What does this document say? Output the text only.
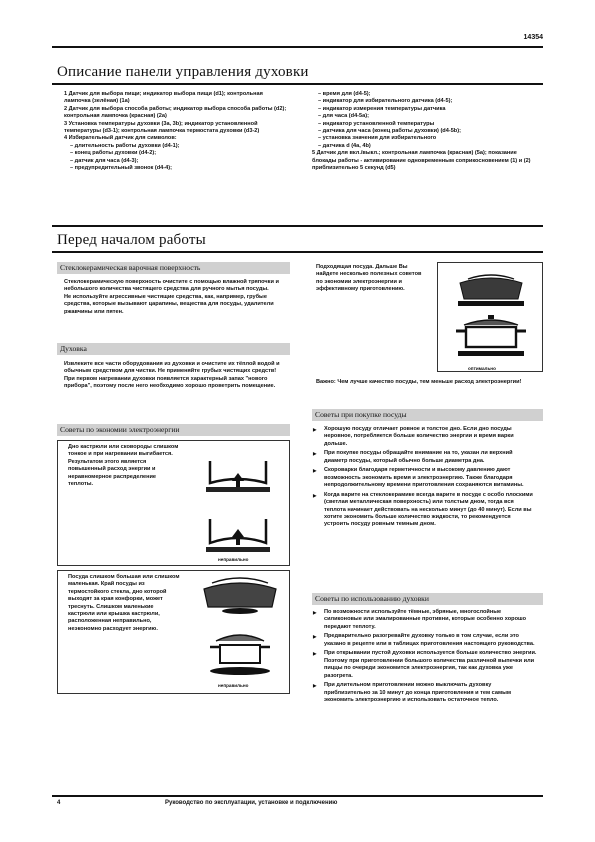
14354
Описание панели управления духовки

1 Датчик для выбора пищи; индикатор выбора пищи (d1); контрольная лампочка (зелёная) (1a)

2 Датчик для выбора способа работы; индикатор выбора способа работы (d2); контрольная лампочка (красная) (2a)

3 Установка температуры духовки (3a, 3b); индикатор установленной температуры (d3-1); контрольная лампочка термостата духовки (d3-2)

4 Избирательный датчик для символов:

– длительность работы духовки (d4-1);

– конец работы духовки (d4-2);

– датчик для часа (d4-3);

– предупредительный звонок (d4-4);

– время для (d4-5);

– индикатор для избирательного датчика (d4-5);

– индикатор измерения температуры датчика

– для часа (d4-5a);

– индикатор установленной температуры

– датчика для часа (конец работы духовки) (d4-5b);

– установка значения для избирательного

– датчика d (4a, 4b)

5 Датчик для вкл./выкл.; контрольная лампочка (красная) (5a); показание блокады работы - активирование одновременным соприкосновением (1) и (2) приблизительно 5 секунд (d5)

Перед началом работы
Стеклокерамическая варочная поверхность
Стеклокерамическую поверхность очистите с помощью влажной тряпочки и небольшого количества чистящего средства для ручного мытья посуды.
Не используйте агрессивные чистящие средства, как, например, грубые средства, которые вызывают царапины, вещества для посуды, удалители ржавчины или пятен.
Духовка
Извлеките все части оборудования из духовки и очистите их тёплой водой и обычным средством для чистки. Не применяйте грубых чистящих средств!
При первом нагревании духовки появляется характерный запах "нового прибора", поэтому после него необходимо хорошо проветрить помещение.
Советы по экономии электроэнергии
Дно кастрюли или сковороды слишком тонкое и при нагревании выгибается. Результатом этого является повышенный расход энергии и неравномерное распределение теплоты.
неправильно
Посуда слишком большая или слишком маленькая. Край посуды из термостойкого стекла, дно которой выходят за края конфорки, может треснуть. Слишком маленькие кастрюли или крышка кастрюли, расположенная неправильно, неэкономно расходует энергию.
неправильно
Подходящая посуда. Дальше Вы найдете несколько полезных советов по экономии электроэнергии и эффективному приготовлению.
оптимально
Важно: Чем лучше качество посуды, тем меньше расход электроэнергии!
Советы при покупке посуды
▶ Хорошую посуду отличает ровное и толстое дно. Если дно посуды неровное, потребляется больше количество энергии и время варки дольше.
▶ При покупке посуды обращайте внимание на то, указан ли верхний диаметр посуды, который обычно больше диаметра дна.
▶ Скороварки благодаря герметичности и высокому давлению дают возможность экономить время и электроэнергию. Также благодаря непродолжительному времени приготовления сохраняются витамины.
▶ Когда варите на стеклокерамике всегда варите в посуде с особо плоскими (светлая металлическая поверхность) или толстым дном, тогда вся теплота начинает действовать на несколько минут (до 40 минут). Если вы хотите экономить больше количество жидкости, то рекомендуется устроить посуду ровным темным дном.
Советы по использованию духовки
▶ По возможности используйте тёмные, эбряные, многослойные силиконовые или эмалированные противни, которые особенно хорошо передают теплоту.
▶ Предварительно разогревайте духовку только в том случае, если это указано в рецепте или в таблицах приготовления настоящего руководства.
▶ При открывании пустой духовки используется больше количество энергии. Поэтому при приготовлении большого количества различной выпечки или пиццы по очереди экономится электроэнергия, так как духовка уже разогрета.
▶ При длительном приготовлении можно выключать духовку приблизительно за 10 минут до конца приготовления и тем самым экономить электроэнергию и использовать остаточное тепло.
4	Руководство по эксплуатации, установке и подключению
